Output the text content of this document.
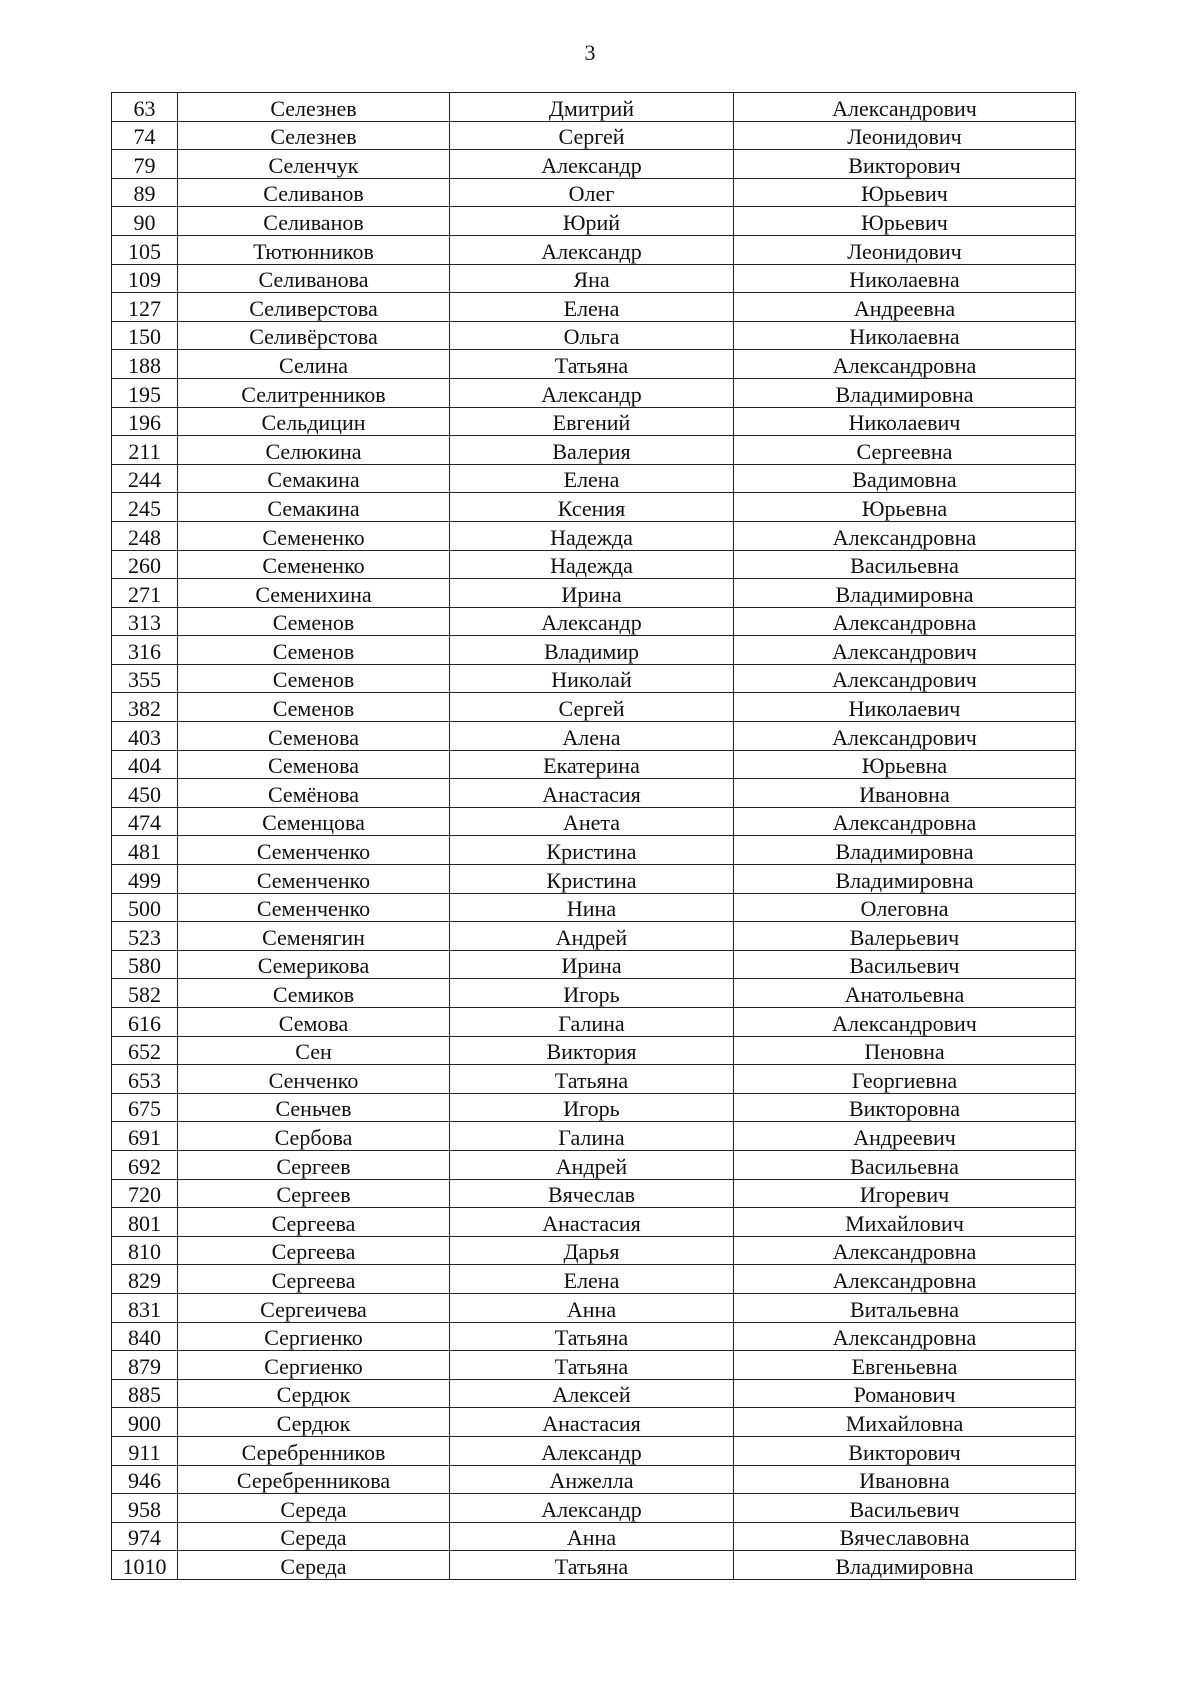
3
63	Селезнев	Дмитрий	Александрович
74	Селезнев	Сергей	Леонидович
79	Селенчук	Александр	Викторович
89	Селиванов	Олег	Юрьевич
90	Селиванов	Юрий	Юрьевич
105	Тютюнников	Александр	Леонидович
109	Селиванова	Яна	Николаевна
127	Селиверстова	Елена	Андреевна
150	Селивёрстова	Ольга	Николаевна
188	Селина	Татьяна	Александровна
195	Селитренников	Александр	Владимировна
196	Сельдицин	Евгений	Николаевич
211	Селюкина	Валерия	Сергеевна
244	Семакина	Елена	Вадимовна
245	Семакина	Ксения	Юрьевна
248	Семененко	Надежда	Александровна
260	Семененко	Надежда	Васильевна
271	Семенихина	Ирина	Владимировна
313	Семенов	Александр	Александровна
316	Семенов	Владимир	Александрович
355	Семенов	Николай	Александрович
382	Семенов	Сергей	Николаевич
403	Семенова	Алена	Александрович
404	Семенова	Екатерина	Юрьевна
450	Семёнова	Анастасия	Ивановна
474	Семенцова	Анета	Александровна
481	Семенченко	Кристина	Владимировна
499	Семенченко	Кристина	Владимировна
500	Семенченко	Нина	Олеговна
523	Семенягин	Андрей	Валерьевич
580	Семерикова	Ирина	Васильевич
582	Семиков	Игорь	Анатольевна
616	Семова	Галина	Александрович
652	Сен	Виктория	Пеновна
653	Сенченко	Татьяна	Георгиевна
675	Сеньчев	Игорь	Викторовна
691	Сербова	Галина	Андреевич
692	Сергеев	Андрей	Васильевна
720	Сергеев	Вячеслав	Игоревич
801	Сергеева	Анастасия	Михайлович
810	Сергеева	Дарья	Александровна
829	Сергеева	Елена	Александровна
831	Сергеичева	Анна	Витальевна
840	Сергиенко	Татьяна	Александровна
879	Сергиенко	Татьяна	Евгеньевна
885	Сердюк	Алексей	Романович
900	Сердюк	Анастасия	Михайловна
911	Серебренников	Александр	Викторович
946	Серебренникова	Анжелла	Ивановна
958	Середа	Александр	Васильевич
974	Середа	Анна	Вячеславовна
1010	Середа	Татьяна	Владимировна
